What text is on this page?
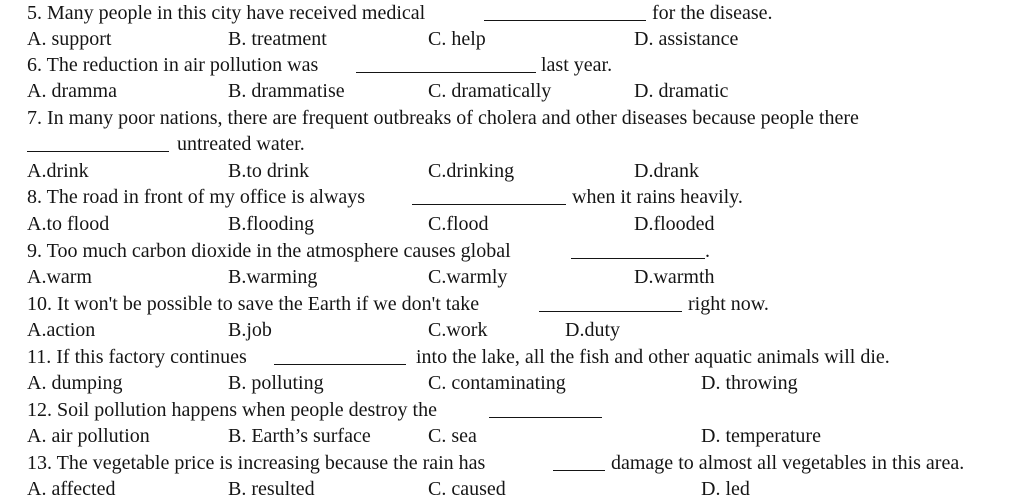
5. Many people in this city have received medical	for the disease.
A. support	B. treatment	C. help	D. assistance
6. The reduction in air pollution was	last year.
A. dramma	B. drammatise	C. dramatically	D. dramatic
7. In many poor nations, there are frequent outbreaks of cholera and other diseases because people there
untreated water.
A.drink	B.to drink	C.drinking	D.drank
8. The road in front of my office is always	when it rains heavily.
A.to flood	B.flooding	C.flood	D.flooded
9. Too much carbon dioxide in the atmosphere causes global	.
A.warm	B.warming	C.warmly	D.warmth
10. It won't be possible to save the Earth if we don't take	right now.
A.action	B.job	C.work	D.duty
11. If this factory continues	into the lake, all the fish and other aquatic animals will die.
A. dumping	B. polluting	C. contaminating	D. throwing
12. Soil pollution happens when people destroy the
A. air pollution	B. Earth’s surface	C. sea	D. temperature
13. The vegetable price is increasing because the rain has	damage to almost all vegetables in this area.
A. affected	B. resulted	C. caused	D. led
